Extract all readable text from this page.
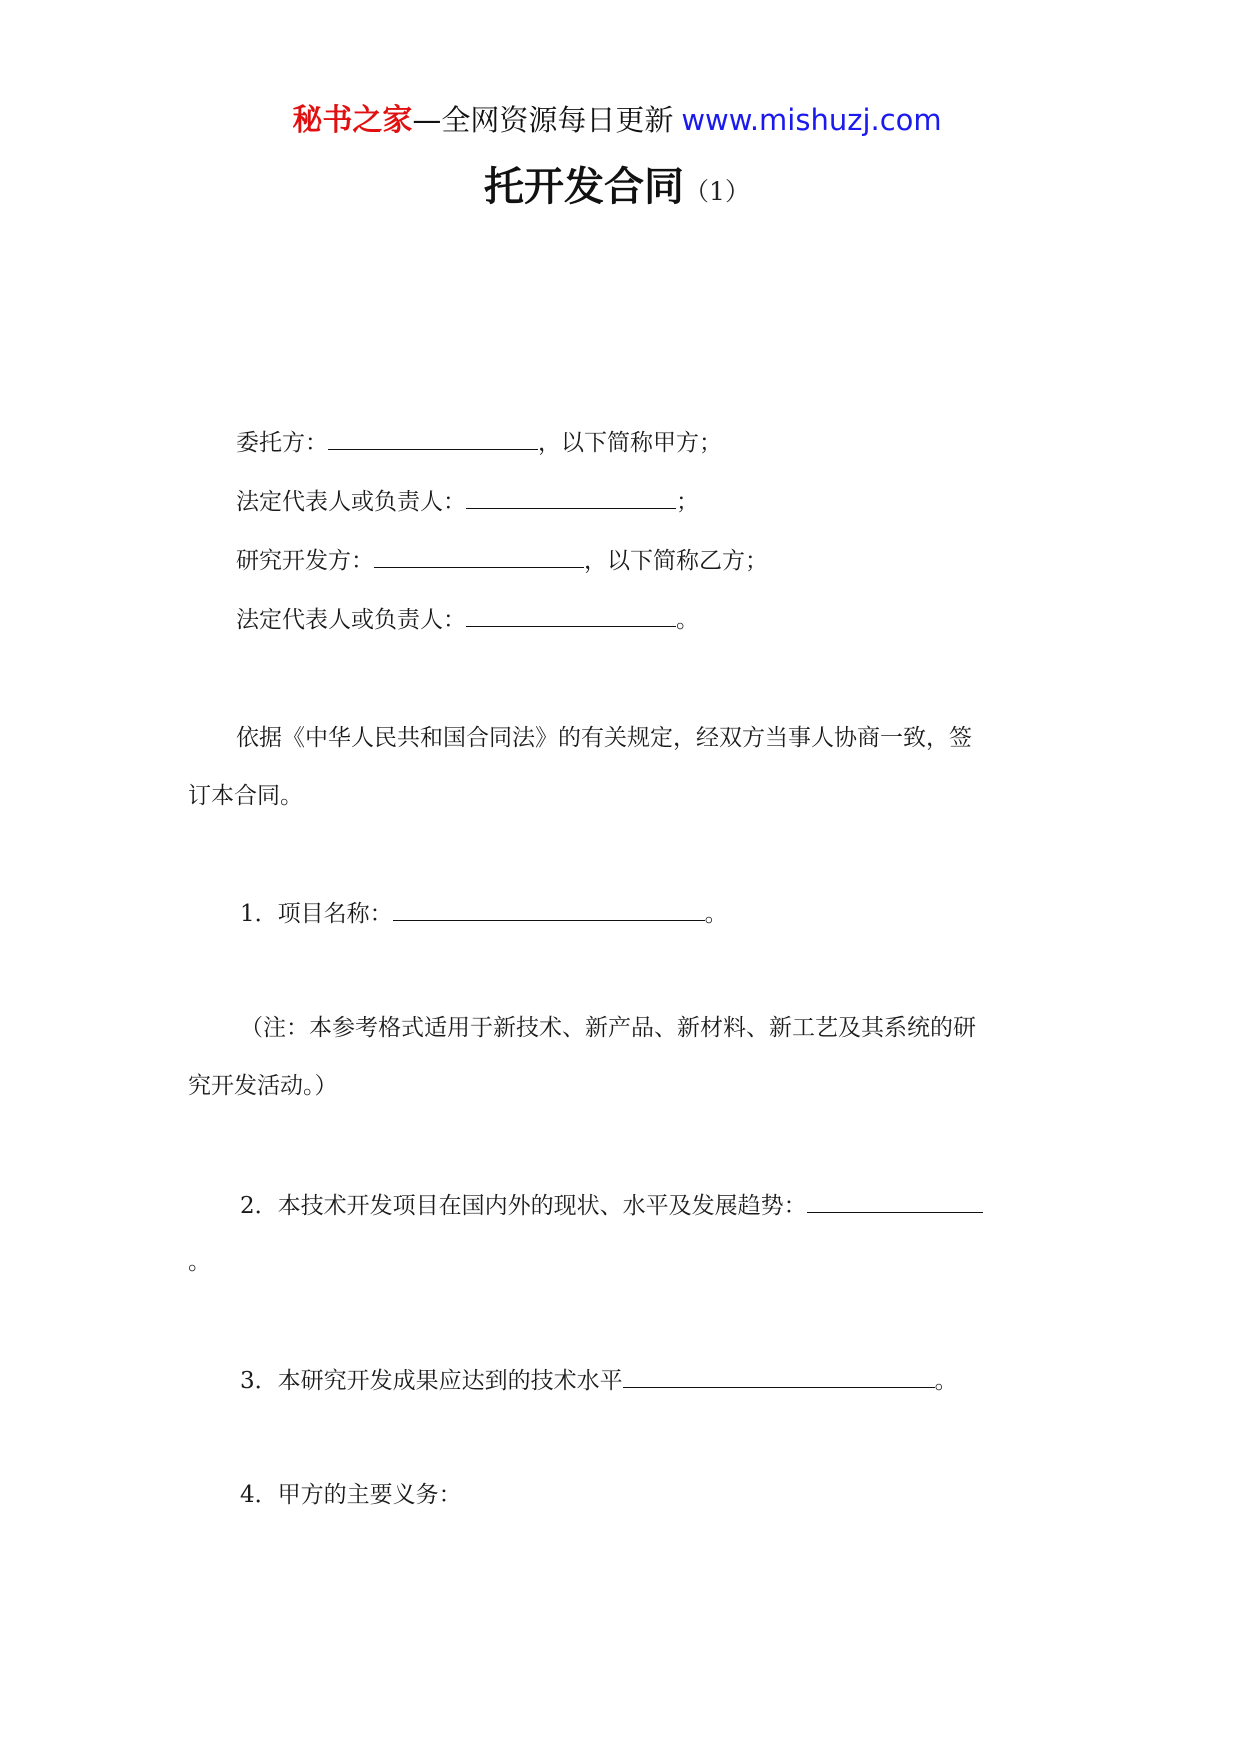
秘书之家—全网资源每日更新 www.mishuzj.com
托开发合同（1）
委托方：	，以下简称甲方；
法定代表人或负责人：	；
研究开发方：	，以下简称乙方；
法定代表人或负责人：	。
依据《中华人民共和国合同法》的有关规定，经双方当事人协商一致，签
订本合同。
1．项目名称：	。
（注：本参考格式适用于新技术、新产品、新材料、新工艺及其系统的研
究开发活动。）
2．本技术开发项目在国内外的现状、水平及发展趋势：
。
3．本研究开发成果应达到的技术水平	。
4．甲方的主要义务：
